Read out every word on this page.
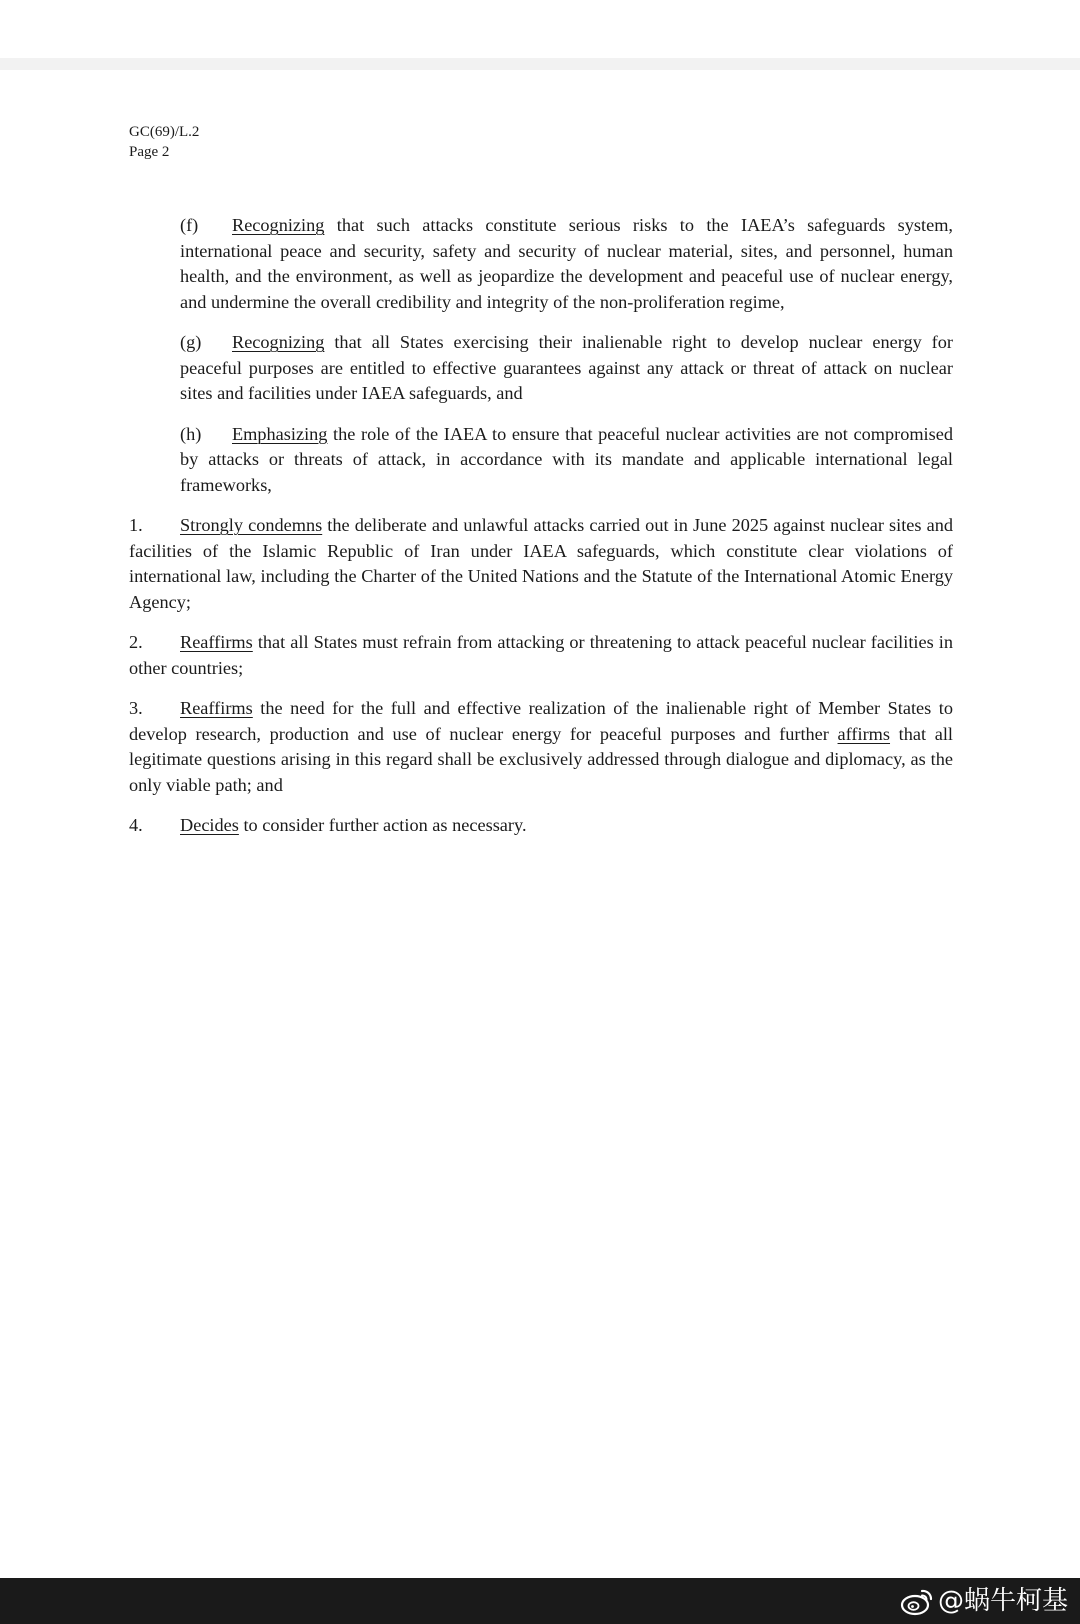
GC(69)/L.2
Page 2

(f) Recognizing that such attacks constitute serious risks to the IAEA’s safeguards system, international peace and security, safety and security of nuclear material, sites, and personnel, human health, and the environment, as well as jeopardize the development and peaceful use of nuclear energy, and undermine the overall credibility and integrity of the non-proliferation regime,

(g) Recognizing that all States exercising their inalienable right to develop nuclear energy for peaceful purposes are entitled to effective guarantees against any attack or threat of attack on nuclear sites and facilities under IAEA safeguards, and

(h) Emphasizing the role of the IAEA to ensure that peaceful nuclear activities are not compromised by attacks or threats of attack, in accordance with its mandate and applicable international legal frameworks,

1. Strongly condemns the deliberate and unlawful attacks carried out in June 2025 against nuclear sites and facilities of the Islamic Republic of Iran under IAEA safeguards, which constitute clear violations of international law, including the Charter of the United Nations and the Statute of the International Atomic Energy Agency;

2. Reaffirms that all States must refrain from attacking or threatening to attack peaceful nuclear facilities in other countries;

3. Reaffirms the need for the full and effective realization of the inalienable right of Member States to develop research, production and use of nuclear energy for peaceful purposes and further affirms that all legitimate questions arising in this regard shall be exclusively addressed through dialogue and diplomacy, as the only viable path; and

4. Decides to consider further action as necessary.

@蜗牛柯基
